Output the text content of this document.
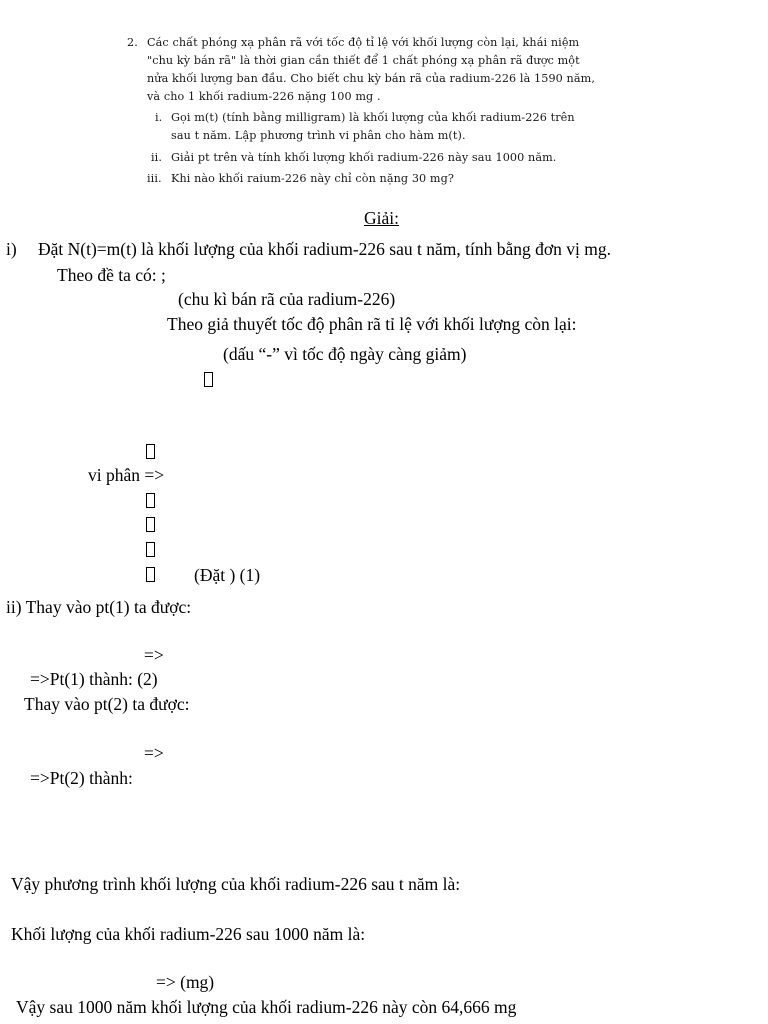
2. Các chất phóng xạ phân rã với tốc độ tỉ lệ với khối lượng còn lại, khái niệm
"chu kỳ bán rã" là thời gian cần thiết để 1 chất phóng xạ phân rã được một
nửa khối lượng ban đầu. Cho biết chu kỳ bán rã của radium-226 là 1590 năm,
và cho 1 khối radium-226 nặng 100 mg .
i. Gọi m(t) (tính bằng milligram) là khối lượng của khối radium-226 trên
sau t năm. Lập phương trình vi phân cho hàm m(t).
ii. Giải pt trên và tính khối lượng khối radium-226 này sau 1000 năm.
iii. Khi nào khối raium-226 này chỉ còn nặng 30 mg?
Giải:
i) Đặt N(t)=m(t) là khối lượng của khối radium-226 sau t năm, tính bằng đơn vị mg.
Theo đề ta có: ;
(chu kì bán rã của radium-226)
Theo giả thuyết tốc độ phân rã tỉ lệ với khối lượng còn lại:
(dấu “-” vì tốc độ ngày càng giảm)
vi phân =>
(Đặt ) (1)
ii) Thay vào pt(1) ta được:
=>
=>Pt(1) thành: (2)
Thay vào pt(2) ta được:
=>
=>Pt(2) thành:
Vậy phương trình khối lượng của khối radium-226 sau t năm là:
Khối lượng của khối radium-226 sau 1000 năm là:
=> (mg)
Vậy sau 1000 năm khối lượng của khối radium-226 này còn 64,666 mg
